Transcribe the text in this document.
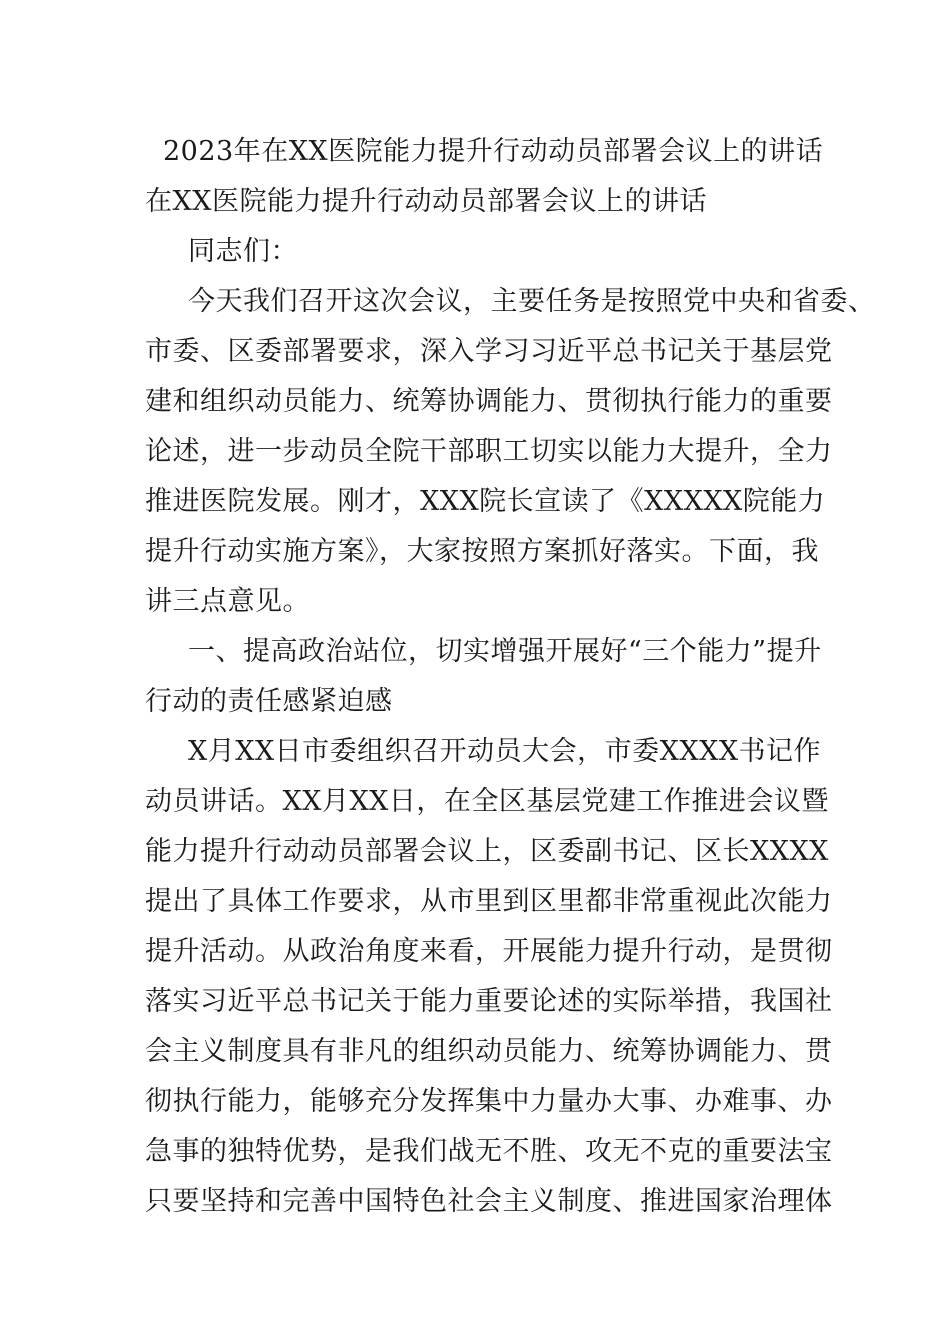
2023年在XX医院能力提升行动动员部署会议上的讲话
在XX医院能力提升行动动员部署会议上的讲话
同志们：
今天我们召开这次会议，主要任务是按照党中央和省委、
市委、区委部署要求，深入学习习近平总书记关于基层党
建和组织动员能力、统筹协调能力、贯彻执行能力的重要
论述，进一步动员全院干部职工切实以能力大提升，全力
推进医院发展。刚才，XXX院长宣读了《XXXXX院能力
提升行动实施方案》，大家按照方案抓好落实。下面，我
讲三点意见。
一、提高政治站位，切实增强开展好“三个能力”提升
行动的责任感紧迫感
X月XX日市委组织召开动员大会，市委XXXX书记作
动员讲话。XX月XX日，在全区基层党建工作推进会议暨
能力提升行动动员部署会议上，区委副书记、区长XXXX
提出了具体工作要求，从市里到区里都非常重视此次能力
提升活动。从政治角度来看，开展能力提升行动，是贯彻
落实习近平总书记关于能力重要论述的实际举措，我国社
会主义制度具有非凡的组织动员能力、统筹协调能力、贯
彻执行能力，能够充分发挥集中力量办大事、办难事、办
急事的独特优势，是我们战无不胜、攻无不克的重要法宝
只要坚持和完善中国特色社会主义制度、推进国家治理体
